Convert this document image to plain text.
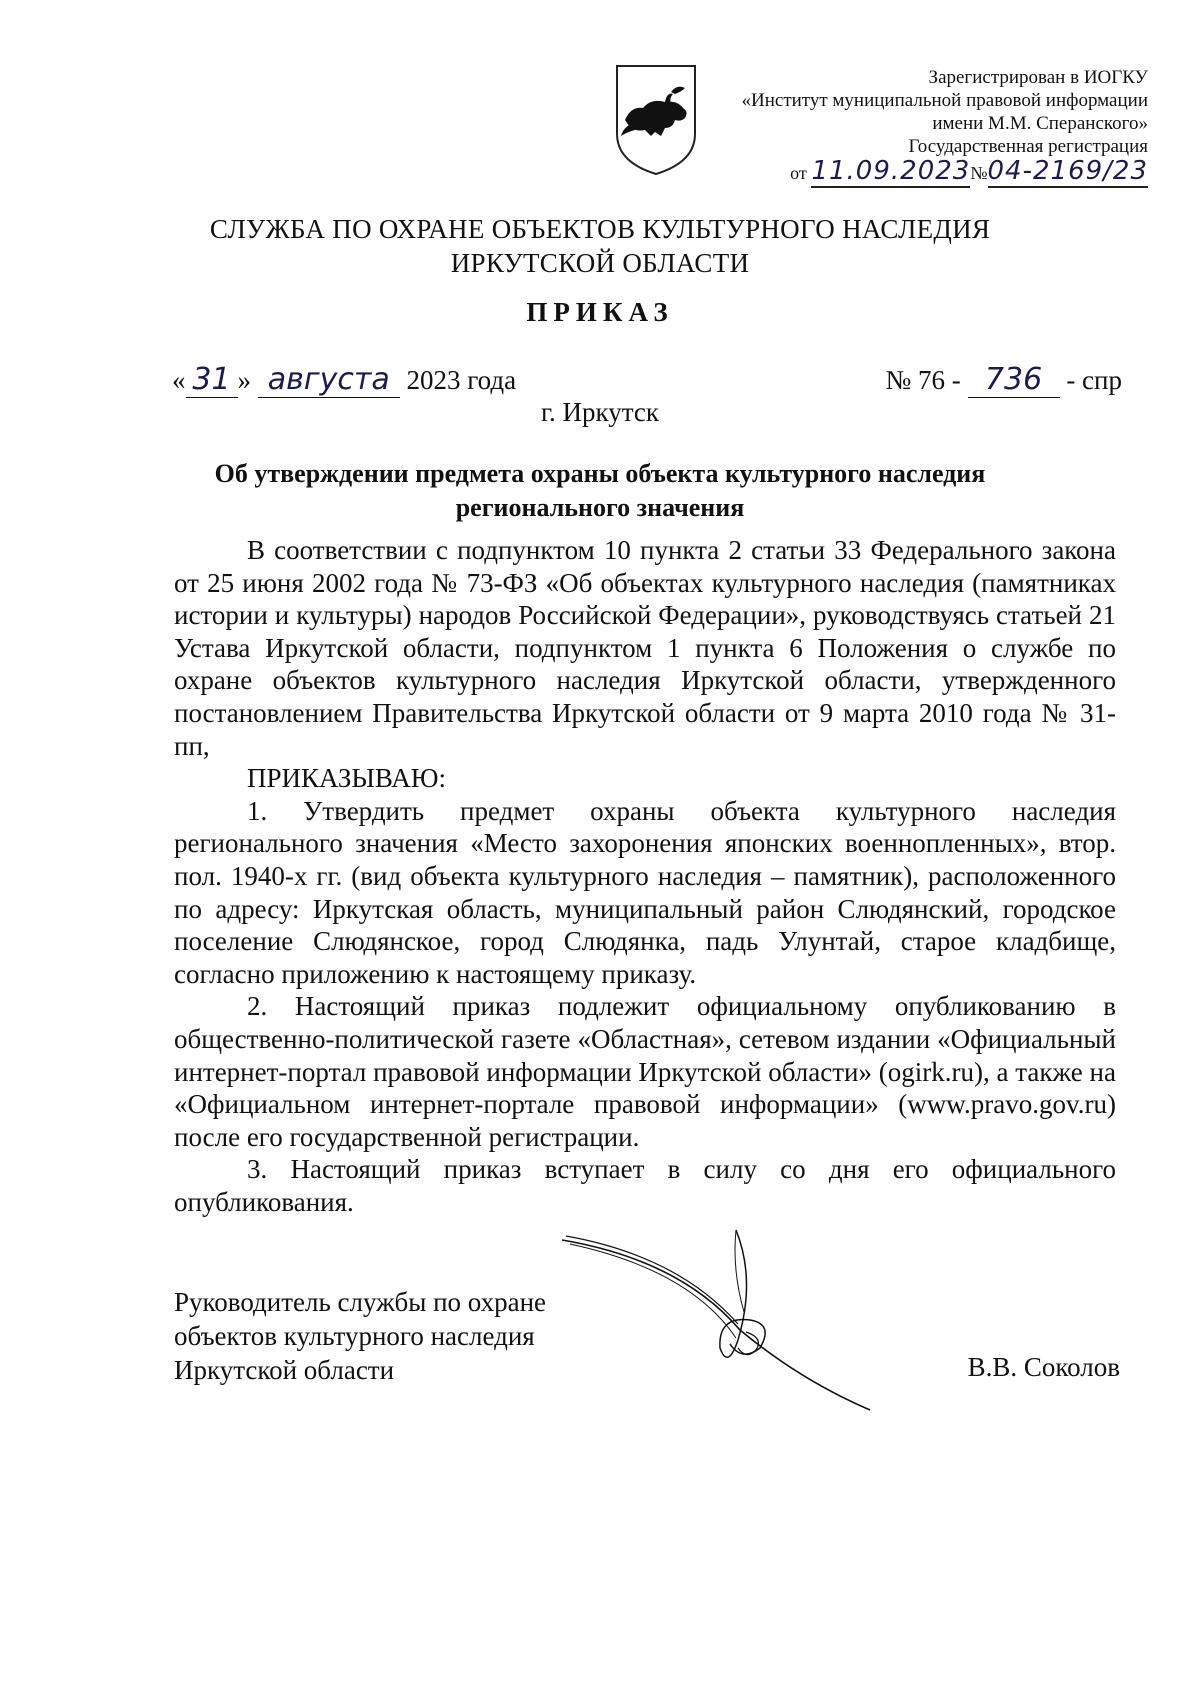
Зарегистрирован в ИОГКУ
«Институт муниципальной правовой информации
имени М.М. Сперанского»
Государственная регистрация
от 11.09.2023№04-2169/23
СЛУЖБА ПО ОХРАНЕ ОБЪЕКТОВ КУЛЬТУРНОГО НАСЛЕДИЯ
ИРКУТСКОЙ ОБЛАСТИ
ПРИКАЗ
« 31 » августа 2023 года	№ 76 - 736 - спр
г. Иркутск
Об утверждении предмета охраны объекта культурного наследия
регионального значения

В соответствии с подпунктом 10 пункта 2 статьи 33 Федерального закона от 25 июня 2002 года № 73-ФЗ «Об объектах культурного наследия (памятниках истории и культуры) народов Российской Федерации», руководствуясь статьей 21 Устава Иркутской области, подпунктом 1 пункта 6 Положения о службе по охране объектов культурного наследия Иркутской области, утвержденного постановлением Правительства Иркутской области от 9 марта 2010 года № 31-пп,

ПРИКАЗЫВАЮ:

1. Утвердить предмет охраны объекта культурного наследия регионального значения «Место захоронения японских военнопленных», втор. пол. 1940-х гг. (вид объекта культурного наследия – памятник), расположенного по адресу: Иркутская область, муниципальный район Слюдянский, городское поселение Слюдянское, город Слюдянка, падь Улунтай, старое кладбище, согласно приложению к настоящему приказу.

2. Настоящий приказ подлежит официальному опубликованию в общественно-политической газете «Областная», сетевом издании «Официальный интернет-портал правовой информации Иркутской области» (ogirk.ru), а также на «Официальном интернет-портале правовой информации» (www.pravo.gov.ru) после его государственной регистрации.

3. Настоящий приказ вступает в силу со дня его официального опубликования.

Руководитель службы по охране
объектов культурного наследия
Иркутской области	В.В. Соколов
